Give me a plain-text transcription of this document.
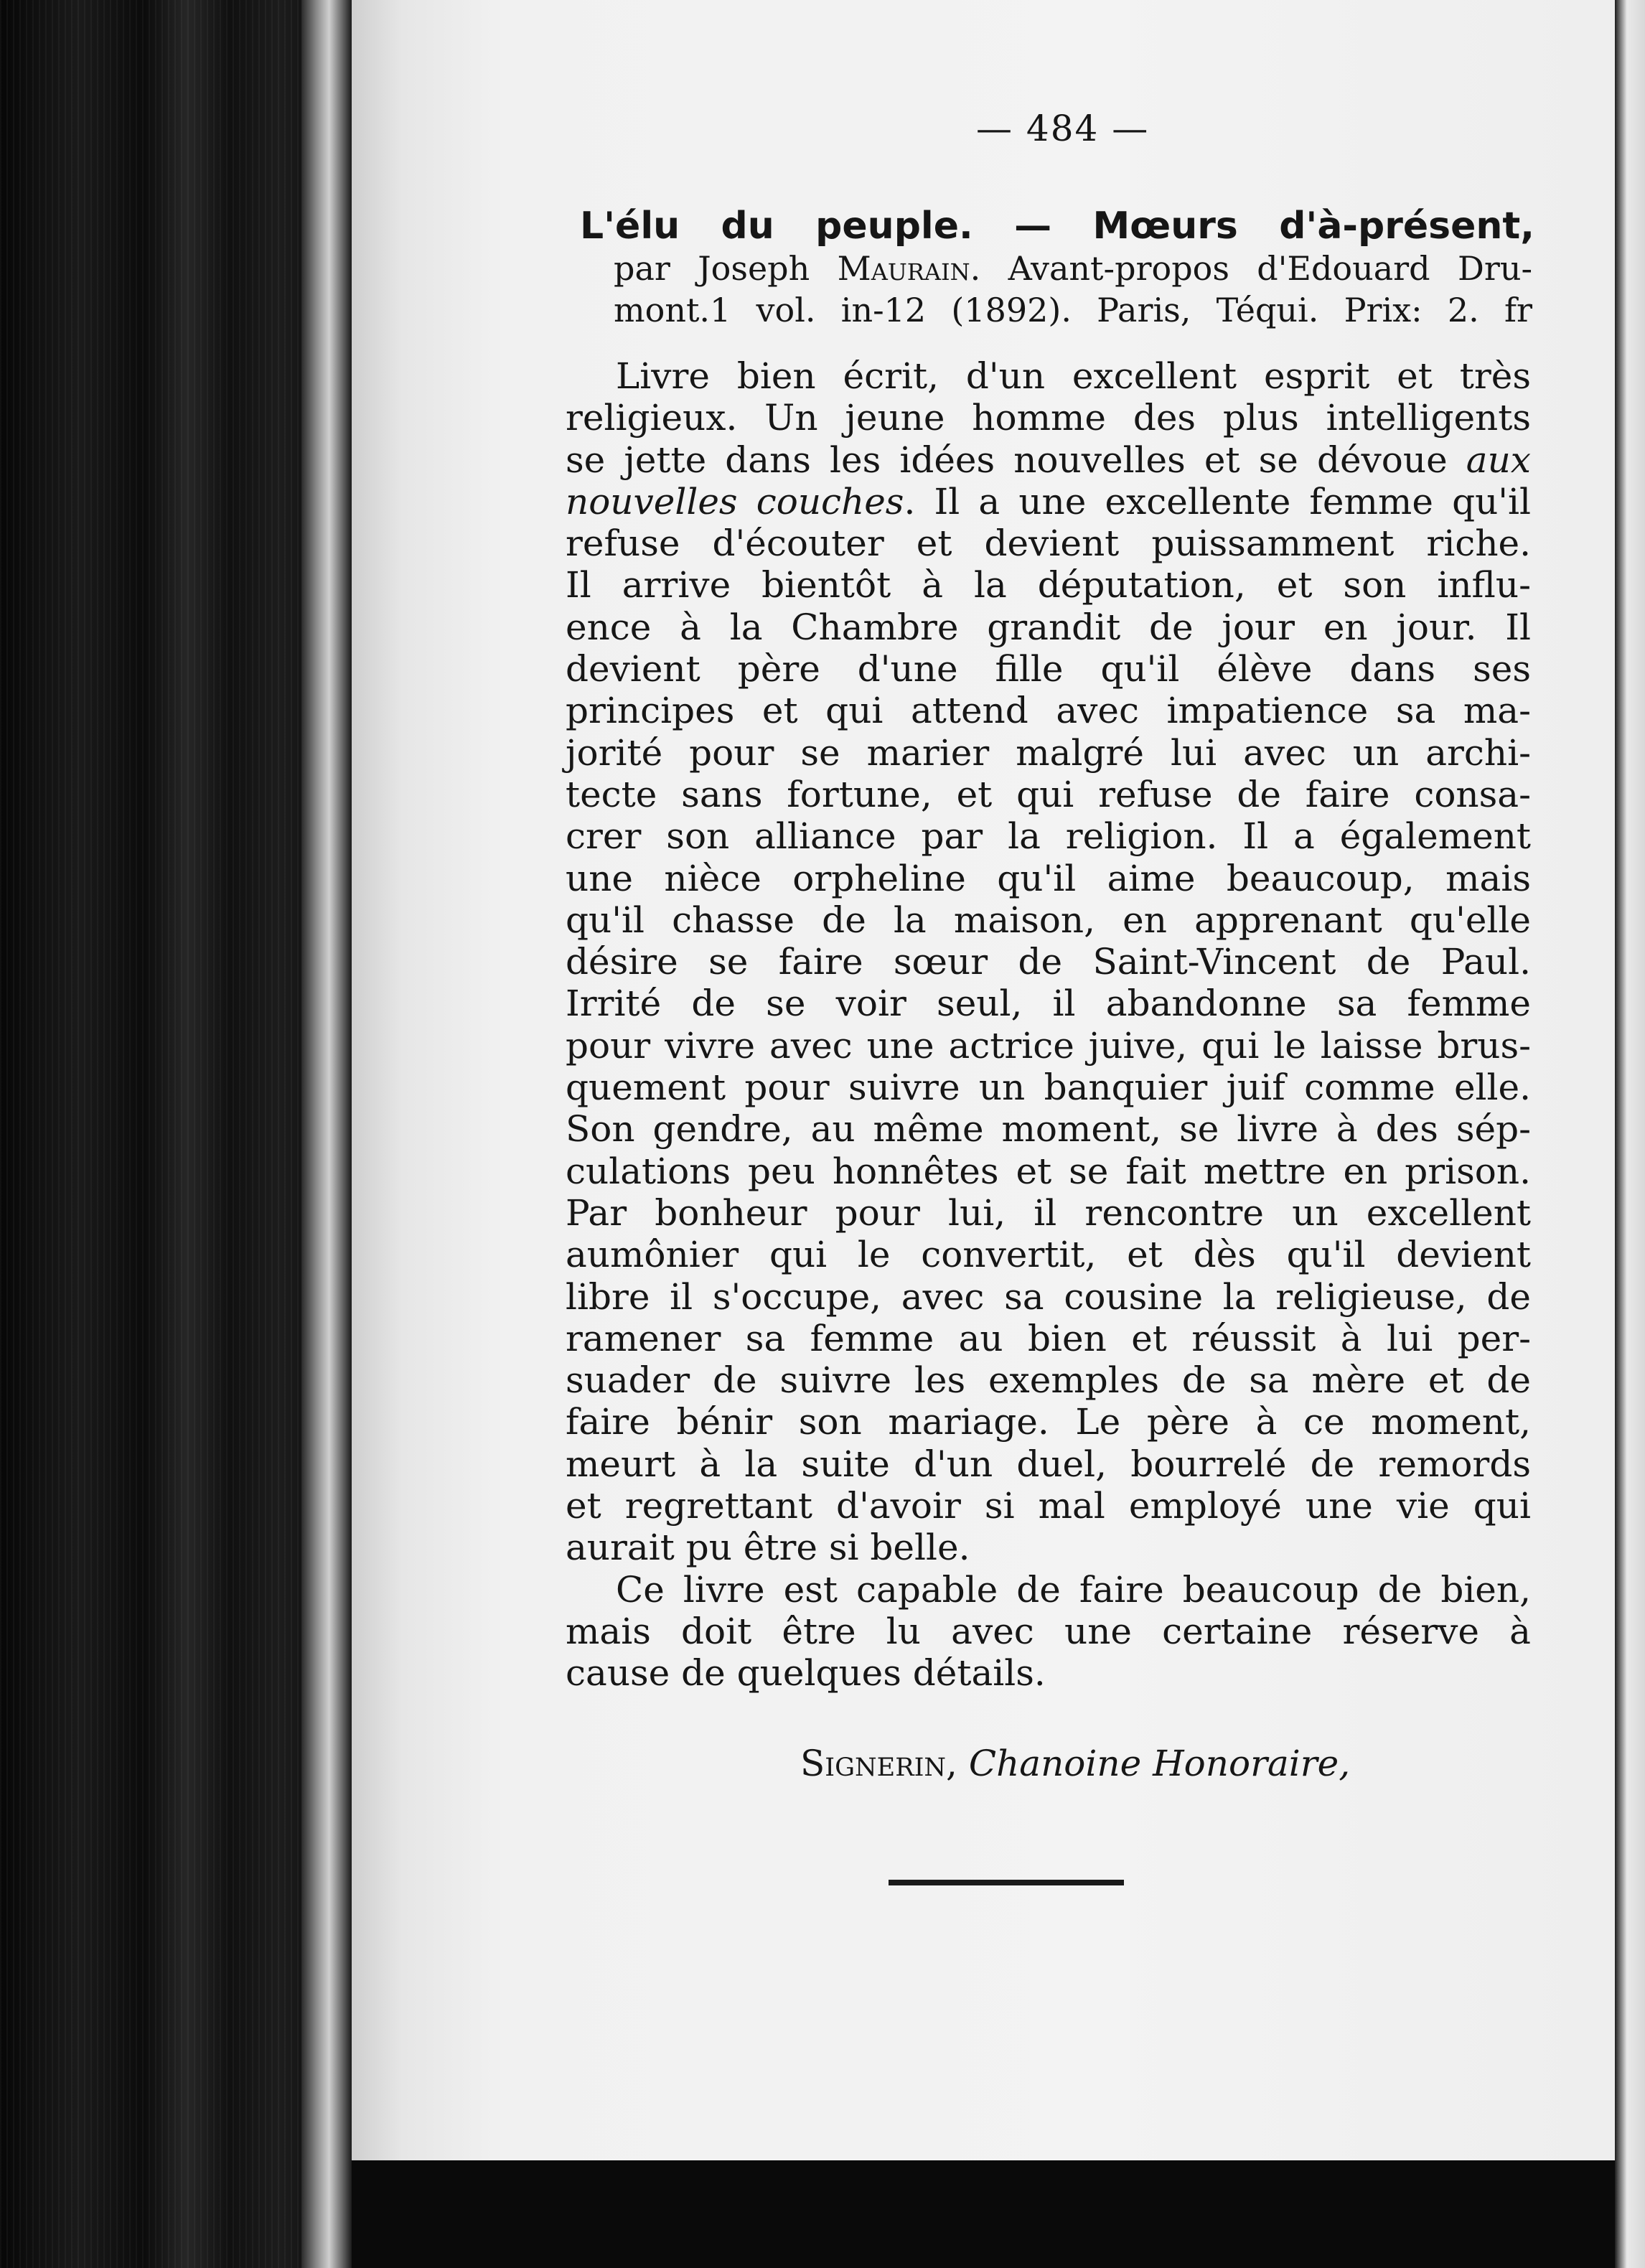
— 484 —
L'élu du peuple. — Mœurs d'à-présent,
par Joseph Maurain. Avant-propos d'Edouard Dru-
mont.1 vol. in-12 (1892). Paris, Téqui. Prix: 2. fr
Livre bien écrit, d'un excellent esprit et très
religieux. Un jeune homme des plus intelligents
se jette dans les idées nouvelles et se dévoue aux
nouvelles couches. Il a une excellente femme qu'il
refuse d'écouter et devient puissamment riche.
Il arrive bientôt à la députation, et son influ-
ence à la Chambre grandit de jour en jour. Il
devient père d'une fille qu'il élève dans ses
principes et qui attend avec impatience sa ma-
jorité pour se marier malgré lui avec un archi-
tecte sans fortune, et qui refuse de faire consa-
crer son alliance par la religion. Il a également
une nièce orpheline qu'il aime beaucoup, mais
qu'il chasse de la maison, en apprenant qu'elle
désire se faire sœur de Saint-Vincent de Paul.
Irrité de se voir seul, il abandonne sa femme
pour vivre avec une actrice juive, qui le laisse brus-
quement pour suivre un banquier juif comme elle.
Son gendre, au même moment, se livre à des sép-
culations peu honnêtes et se fait mettre en prison.
Par bonheur pour lui, il rencontre un excellent
aumônier qui le convertit, et dès qu'il devient
libre il s'occupe, avec sa cousine la religieuse, de
ramener sa femme au bien et réussit à lui per-
suader de suivre les exemples de sa mère et de
faire bénir son mariage. Le père à ce moment,
meurt à la suite d'un duel, bourrelé de remords
et regrettant d'avoir si mal employé une vie qui
aurait pu être si belle.
Ce livre est capable de faire beaucoup de bien,
mais doit être lu avec une certaine réserve à
cause de quelques détails.
Signerin, Chanoine Honoraire,
